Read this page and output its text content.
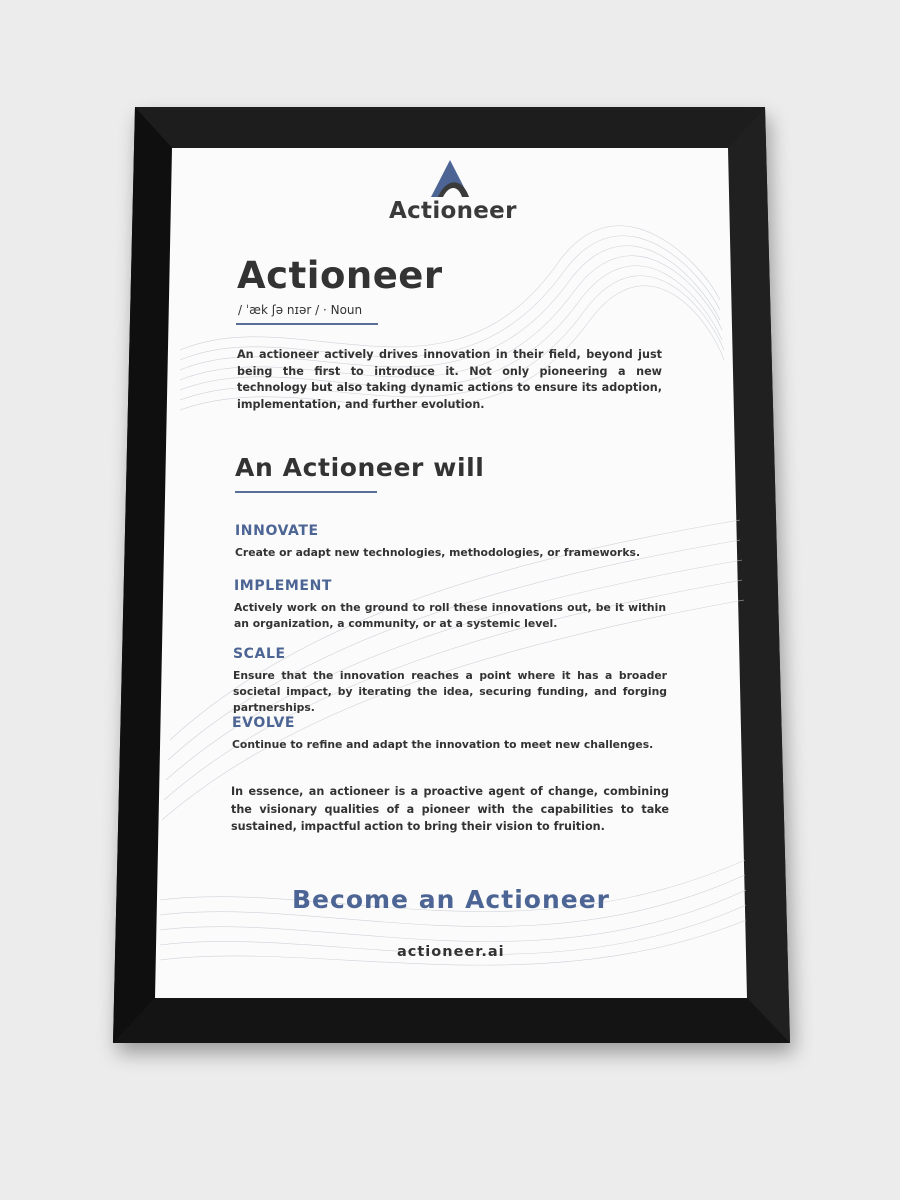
Actioneer
Actioneer
/ ˈæk ʃə nɪər / · Noun
An actioneer actively drives innovation in their field, beyond just being the first to introduce it. Not only pioneering a new technology but also taking dynamic actions to ensure its adoption, implementation, and further evolution.
An Actioneer will
INNOVATE
Create or adapt new technologies, methodologies, or frameworks.
IMPLEMENT
Actively work on the ground to roll these innovations out, be it within an organization, a community, or at a systemic level.
SCALE
Ensure that the innovation reaches a point where it has a broader societal impact, by iterating the idea, securing funding, and forging partnerships.
EVOLVE
Continue to refine and adapt the innovation to meet new challenges.
In essence, an actioneer is a proactive agent of change, combining the visionary qualities of a pioneer with the capabilities to take sustained, impactful action to bring their vision to fruition.
Become an Actioneer
actioneer.ai
